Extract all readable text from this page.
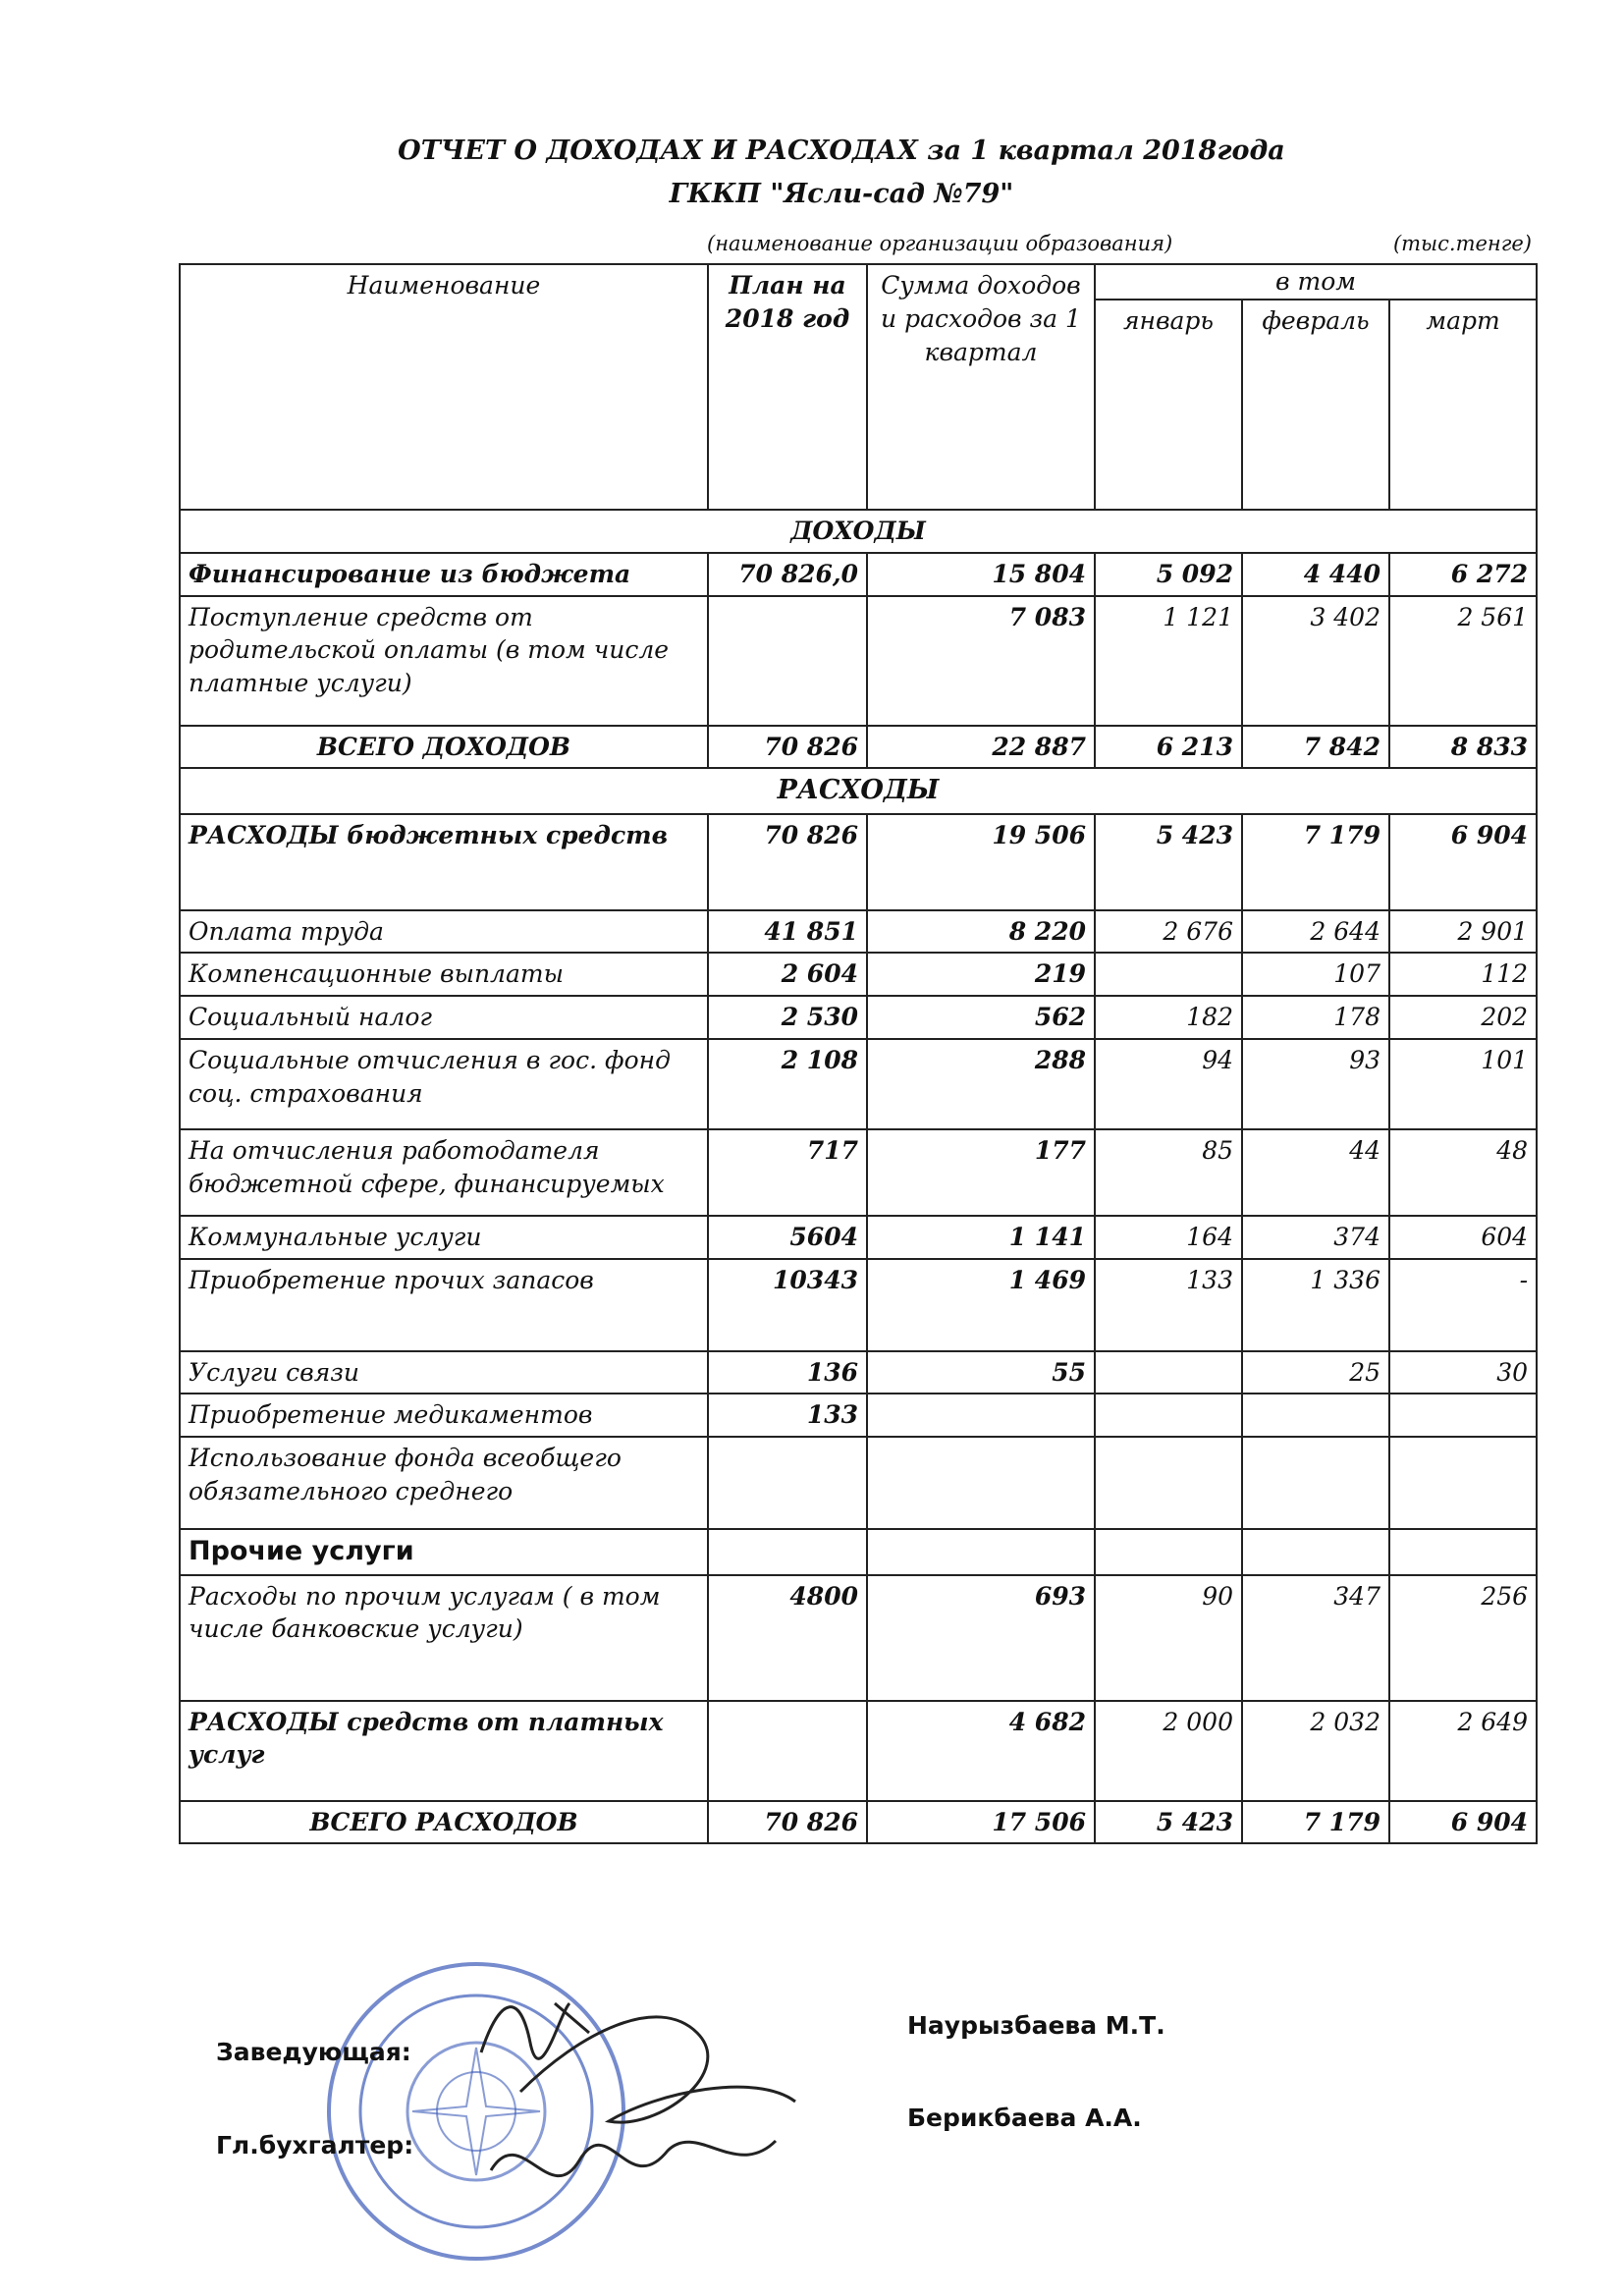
ОТЧЕТ О ДОХОДАХ И РАСХОДАХ за 1 квартал 2018года
ГККП "Ясли-сад №79"
(наименование организации образования)	(тыс.тенге)
Наименование	План на 2018 год	Сумма доходов и расходов за 1 квартал	в том		
			январь	февраль	март
ДОХОДЫ					
Финансирование из бюджета	70 826,0	15 804	5 092	4 440	6 272
Поступление средств от родительской оплаты (в том числе платные услуги)		7 083	1 121	3 402	2 561
ВСЕГО ДОХОДОВ	70 826	22 887	6 213	7 842	8 833
РАСХОДЫ					
РАСХОДЫ бюджетных средств	70 826	19 506	5 423	7 179	6 904
Оплата труда	41 851	8 220	2 676	2 644	2 901
Компенсационные выплаты	2 604	219		107	112
Социальный налог	2 530	562	182	178	202
Социальные отчисления в гос. фонд соц. страхования	2 108	288	94	93	101
На отчисления работодателя бюджетной сфере, финансируемых	717	177	85	44	48
Коммунальные услуги	5604	1 141	164	374	604
Приобретение прочих запасов	10343	1 469	133	1 336	-
Услуги связи	136	55		25	30
Приобретение медикаментов	133				
Использование фонда всеобщего обязательного среднего					
Прочие услуги					
Расходы по прочим услугам ( в том числе банковские услуги)	4800	693	90	347	256
РАСХОДЫ средств от платных услуг		4 682	2 000	2 032	2 649
ВСЕГО РАСХОДОВ	70 826	17 506	5 423	7 179	6 904
Заведующая:
Наурызбаева М.Т.
Гл.бухгалтер:
Берикбаева А.А.
